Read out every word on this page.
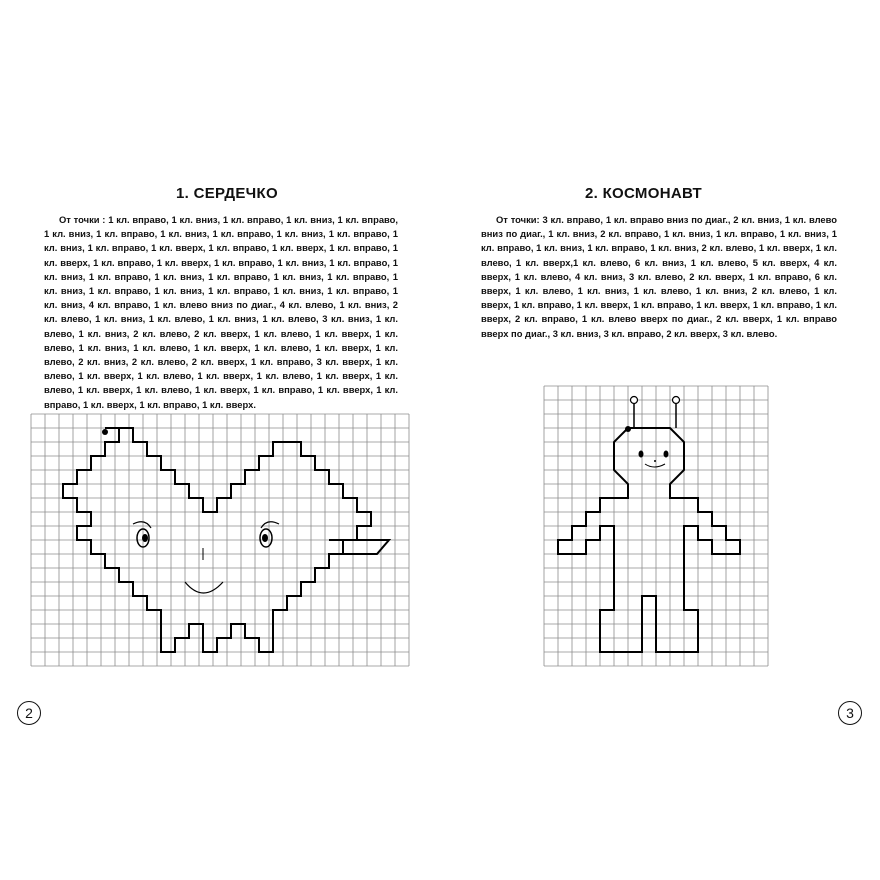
1. СЕРДЕЧКО
От точки : 1 кл. вправо, 1 кл. вниз, 1 кл. вправо, 1 кл. вниз, 1 кл. вправо, 1 кл. вниз, 1 кл. вправо, 1 кл. вниз, 1 кл. вправо, 1 кл. вниз, 1 кл. вправо, 1 кл. вниз, 1 кл. вправо, 1 кл. вверх, 1 кл. вправо, 1 кл. вверх, 1 кл. вправо, 1 кл. вверх, 1 кл. вправо, 1 кл. вверх, 1 кл. вправо, 1 кл. вниз, 1 кл. вправо, 1 кл. вниз, 1 кл. вправо, 1 кл. вниз, 1 кл. вправо, 1 кл. вниз, 1 кл. вправо, 1 кл. вниз, 1 кл. вправо, 1 кл. вниз, 1 кл. вправо, 1 кл. вниз, 1 кл. вправо, 1 кл. вниз, 4 кл. вправо, 1 кл. влево вниз по диаг., 4 кл. влево, 1 кл. вниз, 2 кл. влево, 1 кл. вниз, 1 кл. влево, 1 кл. вниз, 1 кл. влево, 3 кл. вниз, 1 кл. влево, 1 кл. вниз, 2 кл. влево, 2 кл. вверх, 1 кл. влево, 1 кл. вверх, 1 кл. влево, 1 кл. вниз, 1 кл. влево, 1 кл. вверх, 1 кл. влево, 1 кл. вверх, 1 кл. влево, 2 кл. вниз, 2 кл. влево, 2 кл. вверх, 1 кл. вправо, 3 кл. вверх, 1 кл. влево, 1 кл. вверх, 1 кл. влево, 1 кл. вверх, 1 кл. влево, 1 кл. вверх, 1 кл. влево, 1 кл. вверх, 1 кл. влево, 1 кл. вверх, 1 кл. вправо, 1 кл. вверх, 1 кл. вправо, 1 кл. вверх, 1 кл. вправо, 1 кл. вверх.
2
2. КОСМОНАВТ
От точки: 3 кл. вправо, 1 кл. вправо вниз по диаг., 2 кл. вниз, 1 кл. влево вниз по диаг., 1 кл. вниз, 2 кл. вправо, 1 кл. вниз, 1 кл. вправо, 1 кл. вниз, 1 кл. вправо, 1 кл. вниз, 1 кл. вправо, 1 кл. вниз, 2 кл. влево, 1 кл. вверх, 1 кл. влево, 1 кл. вверх,1 кл. влево, 6 кл. вниз, 1 кл. влево, 5 кл. вверх, 4 кл. вверх, 1 кл. влево, 4 кл. вниз, 3 кл. влево, 2 кл. вверх, 1 кл. вправо, 6 кл. вверх, 1 кл. влево, 1 кл. вниз, 1 кл. влево, 1 кл. вниз, 2 кл. влево, 1 кл. вверх, 1 кл. вправо, 1 кл. вверх, 1 кл. вправо, 1 кл. вверх, 1 кл. вправо, 1 кл. вверх, 2 кл. вправо, 1 кл. влево вверх по диаг., 2 кл. вверх, 1 кл. вправо вверх по диаг., 3 кл. вниз, 3 кл. вправо, 2 кл. вверх, 3 кл. влево.
3
